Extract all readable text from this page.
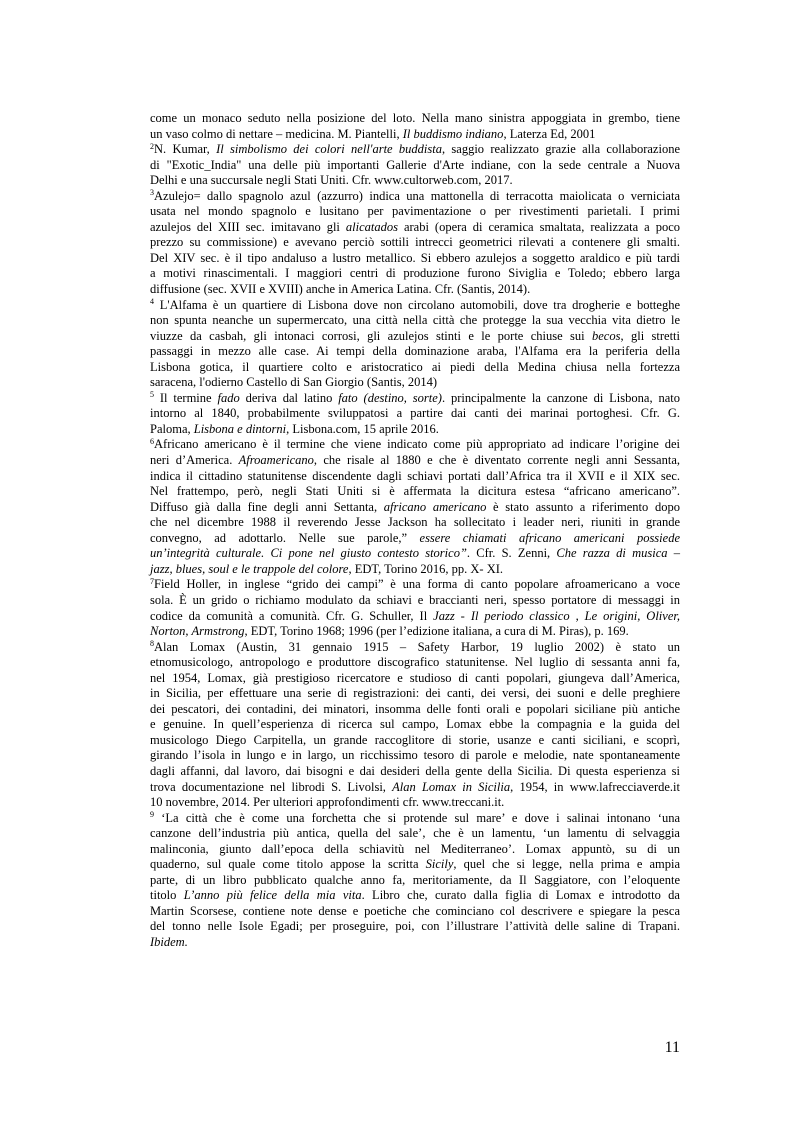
come un monaco seduto nella posizione del loto. Nella mano sinistra appoggiata in grembo, tiene
un vaso colmo di nettare – medicina. M. Piantelli, Il buddismo indiano, Laterza Ed, 2001
$^2$N. Kumar, Il simbolismo dei colori nell'arte buddista, saggio realizzato grazie alla collaborazione
di "Exotic_India" una delle più importanti Gallerie d'Arte indiane, con la sede centrale a Nuova
Delhi e una succursale negli Stati Uniti. Cfr. www.cultorweb.com, 2017.
$^3$Azulejo= dallo spagnolo azul (azzurro) indica una mattonella di terracotta maiolicata o verniciata
usata nel mondo spagnolo e lusitano per pavimentazione o per rivestimenti parietali. I primi
azulejos del XIII sec. imitavano gli alicatados arabi (opera di ceramica smaltata, realizzata a poco
prezzo su commissione) e avevano perciò sottili intrecci geometrici rilevati a contenere gli smalti.
Del XIV sec. è il tipo andaluso a lustro metallico. Si ebbero azulejos a soggetto araldico e più tardi
a motivi rinascimentali. I maggiori centri di produzione furono Siviglia e Toledo; ebbero larga
diffusione (sec. XVII e XVIII) anche in America Latina. Cfr. (Santis, 2014).
$^4$ L'Alfama è un quartiere di Lisbona dove non circolano automobili, dove tra drogherie e botteghe
non spunta neanche un supermercato, una città nella città che protegge la sua vecchia vita dietro le
viuzze da casbah, gli intonaci corrosi, gli azulejos stinti e le porte chiuse sui becos, gli stretti
passaggi in mezzo alle case. Ai tempi della dominazione araba, l'Alfama era la periferia della
Lisbona gotica, il quartiere colto e aristocratico ai piedi della Medina chiusa nella fortezza
saracena, l'odierno Castello di San Giorgio (Santis, 2014)
$^5$ Il termine fado deriva dal latino fato (destino, sorte). principalmente la canzone di Lisbona, nato
intorno al 1840, probabilmente sviluppatosi a partire dai canti dei marinai portoghesi. Cfr. G.
Paloma, Lisbona e dintorni, Lisbona.com, 15 aprile 2016.
$^6$Africano americano è il termine che viene indicato come più appropriato ad indicare l’origine dei
neri d’America. Afroamericano, che risale al 1880 e che è diventato corrente negli anni Sessanta,
indica il cittadino statunitense discendente dagli schiavi portati dall’Africa tra il XVII e il XIX sec.
Nel frattempo, però, negli Stati Uniti si è affermata la dicitura estesa “africano americano”.
Diffuso già dalla fine degli anni Settanta, africano americano è stato assunto a riferimento dopo
che nel dicembre 1988 il reverendo Jesse Jackson ha sollecitato i leader neri, riuniti in grande
convegno, ad adottarlo. Nelle sue parole,” essere chiamati africano americani possiede
un’integrità culturale. Ci pone nel giusto contesto storico”. Cfr. S. Zenni, Che razza di musica –
jazz, blues, soul e le trappole del colore, EDT, Torino 2016, pp. X- XI.
$^7$Field Holler, in inglese “grido dei campi” è una forma di canto popolare afroamericano a voce
sola. È un grido o richiamo modulato da schiavi e braccianti neri, spesso portatore di messaggi in
codice da comunità a comunità. Cfr. G. Schuller, Il Jazz - Il periodo classico , Le origini, Oliver,
Norton, Armstrong, EDT, Torino 1968; 1996 (per l’edizione italiana, a cura di M. Piras), p. 169.
$^8$Alan Lomax (Austin, 31 gennaio 1915 – Safety Harbor, 19 luglio 2002) è stato un
etnomusicologo, antropologo e produttore discografico statunitense. Nel luglio di sessanta anni fa,
nel 1954, Lomax, già prestigioso ricercatore e studioso di canti popolari, giungeva dall’America,
in Sicilia, per effettuare una serie di registrazioni: dei canti, dei versi, dei suoni e delle preghiere
dei pescatori, dei contadini, dei minatori, insomma delle fonti orali e popolari siciliane più antiche
e genuine. In quell’esperienza di ricerca sul campo, Lomax ebbe la compagnia e la guida del
musicologo Diego Carpitella, un grande raccoglitore di storie, usanze e canti siciliani, e scoprì,
girando l’isola in lungo e in largo, un ricchissimo tesoro di parole e melodie, nate spontaneamente
dagli affanni, dal lavoro, dai bisogni e dai desideri della gente della Sicilia. Di questa esperienza si
trova documentazione nel librodi S. Livolsi, Alan Lomax in Sicilia, 1954, in www.lafrecciaverde.it
10 novembre, 2014. Per ulteriori approfondimenti cfr. www.treccani.it.
$^9$ ‘La città che è come una forchetta che si protende sul mare’ e dove i salinai intonano ‘una
canzone dell’industria più antica, quella del sale’, che è un lamentu, ‘un lamentu di selvaggia
malinconia, giunto dall’epoca della schiavitù nel Mediterraneo’. Lomax appuntò, su di un
quaderno, sul quale come titolo appose la scritta Sicily, quel che si legge, nella prima e ampia
parte, di un libro pubblicato qualche anno fa, meritoriamente, da Il Saggiatore, con l’eloquente
titolo L’anno più felice della mia vita. Libro che, curato dalla figlia di Lomax e introdotto da
Martin Scorsese, contiene note dense e poetiche che cominciano col descrivere e spiegare la pesca
del tonno nelle Isole Egadi; per proseguire, poi, con l’illustrare l’attività delle saline di Trapani.
Ibidem.
11
